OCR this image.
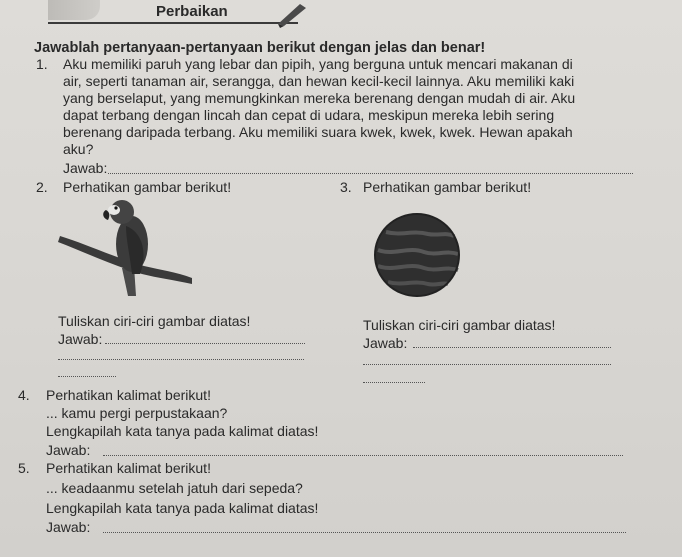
Perbaikan
Jawablah pertanyaan-pertanyaan berikut dengan jelas dan benar!
1. Aku memiliki paruh yang lebar dan pipih, yang berguna untuk mencari makanan di
air, seperti tanaman air, serangga, dan hewan kecil-kecil lainnya. Aku memiliki kaki
yang berselaput, yang memungkinkan mereka berenang dengan mudah di air. Aku
dapat terbang dengan lincah dan cepat di udara, meskipun mereka lebih sering
berenang daripada terbang. Aku memiliki suara kwek, kwek, kwek. Hewan apakah
aku?
Jawab:
2. Perhatikan gambar berikut!
Tuliskan ciri-ciri gambar diatas!
Jawab:
3. Perhatikan gambar berikut!
Tuliskan ciri-ciri gambar diatas!
Jawab:
4. Perhatikan kalimat berikut!
... kamu pergi perpustakaan?
Lengkapilah kata tanya pada kalimat diatas!
Jawab:
5. Perhatikan kalimat berikut!
... keadaanmu setelah jatuh dari sepeda?
Lengkapilah kata tanya pada kalimat diatas!
Jawab:
